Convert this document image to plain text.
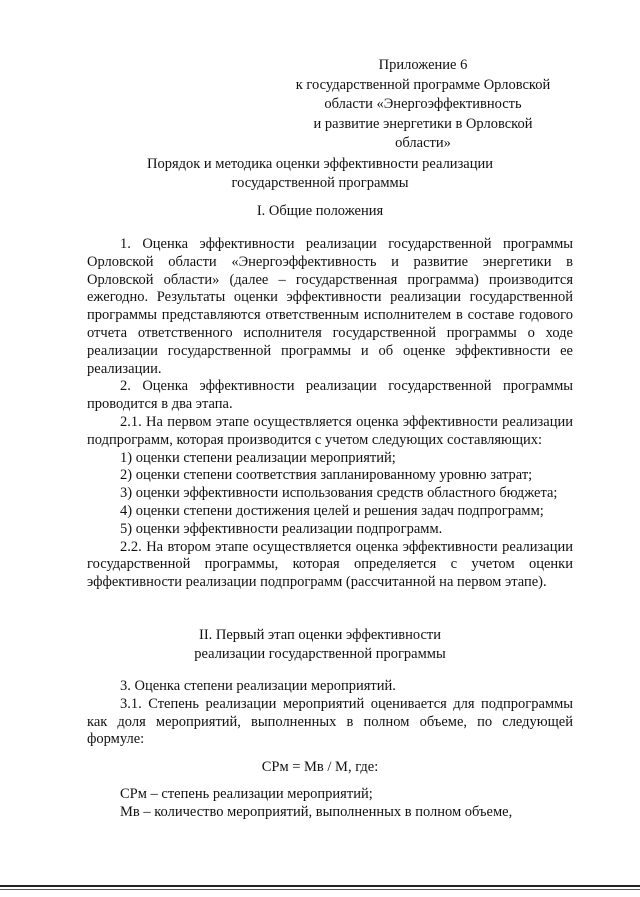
Приложение 6
к государственной программе Орловской
области «Энергоэффективность
и развитие энергетики в Орловской
области»
Порядок и методика оценки эффективности реализации
государственной программы
I. Общие положения

1. Оценка эффективности реализации государственной программы Орловской области «Энергоэффективность и развитие энергетики в Орловской области» (далее – государственная программа) производится ежегодно. Результаты оценки эффективности реализации государственной программы представляются ответственным исполнителем в составе годового отчета ответственного исполнителя государственной программы о ходе реализации государственной программы и об оценке эффективности ее реализации.

2. Оценка эффективности реализации государственной программы проводится в два этапа.

2.1. На первом этапе осуществляется оценка эффективности реализации подпрограмм, которая производится с учетом следующих составляющих:

1) оценки степени реализации мероприятий;

2) оценки степени соответствия запланированному уровню затрат;

3) оценки эффективности использования средств областного бюджета;

4) оценки степени достижения целей и решения задач подпрограмм;

5) оценки эффективности реализации подпрограмм.

2.2. На втором этапе осуществляется оценка эффективности реализации государственной программы, которая определяется с учетом оценки эффективности реализации подпрограмм (рассчитанной на первом этапе).

II. Первый этап оценки эффективности
реализации государственной программы

3. Оценка степени реализации мероприятий.

3.1. Степень реализации мероприятий оценивается для подпрограммы как доля мероприятий, выполненных в полном объеме, по следующей формуле:

СРм = Мв / М, где:

СРм – степень реализации мероприятий;

Мв – количество мероприятий, выполненных в полном объеме,
